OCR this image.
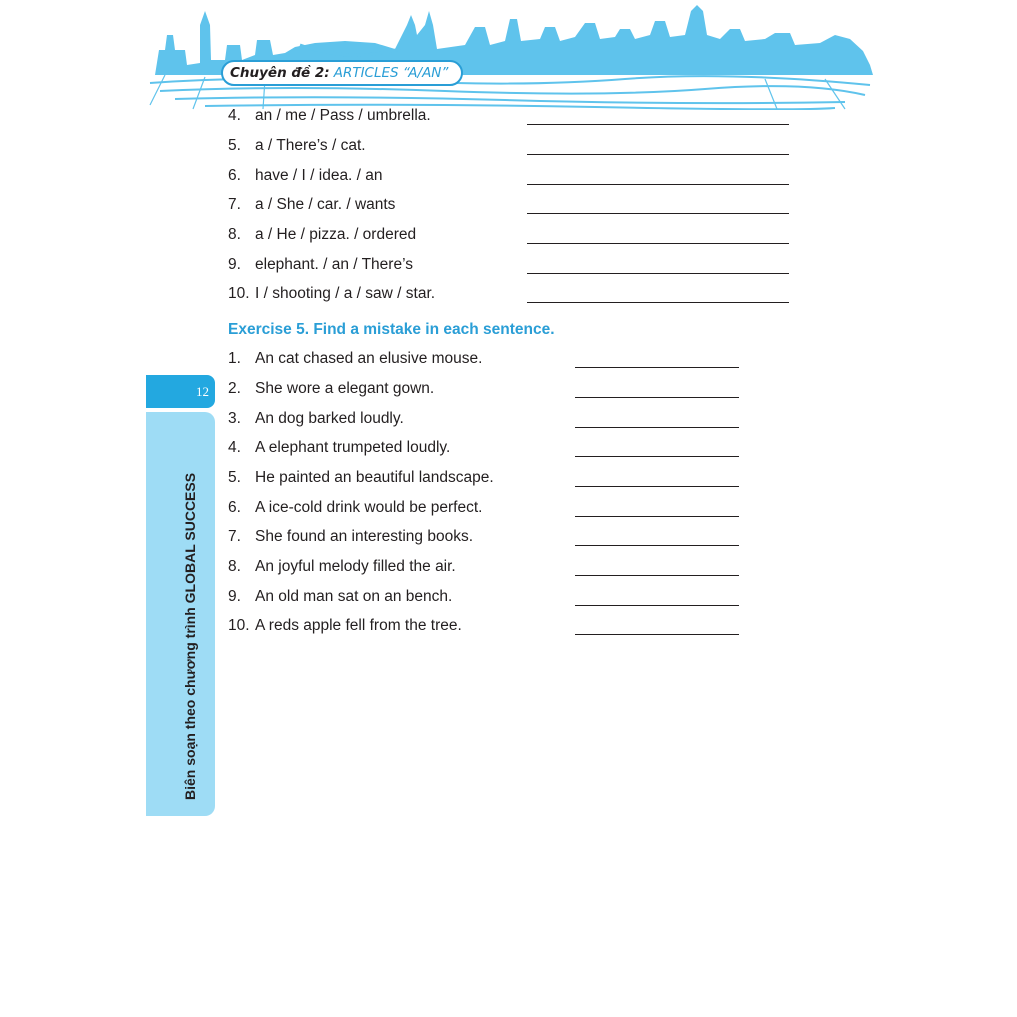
Chuyên đề 2: ARTICLES “A/AN”
4. an / me / Pass / umbrella.
5. a / There’s / cat.
6. have / I / idea. / an
7. a / She / car. / wants
8. a / He / pizza. / ordered
9. elephant. / an / There’s
10. I / shooting / a / saw / star.
Exercise 5. Find a mistake in each sentence.
1. An cat chased an elusive mouse.
2. She wore a elegant gown.
3. An dog barked loudly.
4. A elephant trumpeted loudly.
5. He painted an beautiful landscape.
6. A ice-cold drink would be perfect.
7. She found an interesting books.
8. An joyful melody filled the air.
9. An old man sat on an bench.
10. A reds apple fell from the tree.
12
Biên soạn theo chương trình GLOBAL SUCCESS
